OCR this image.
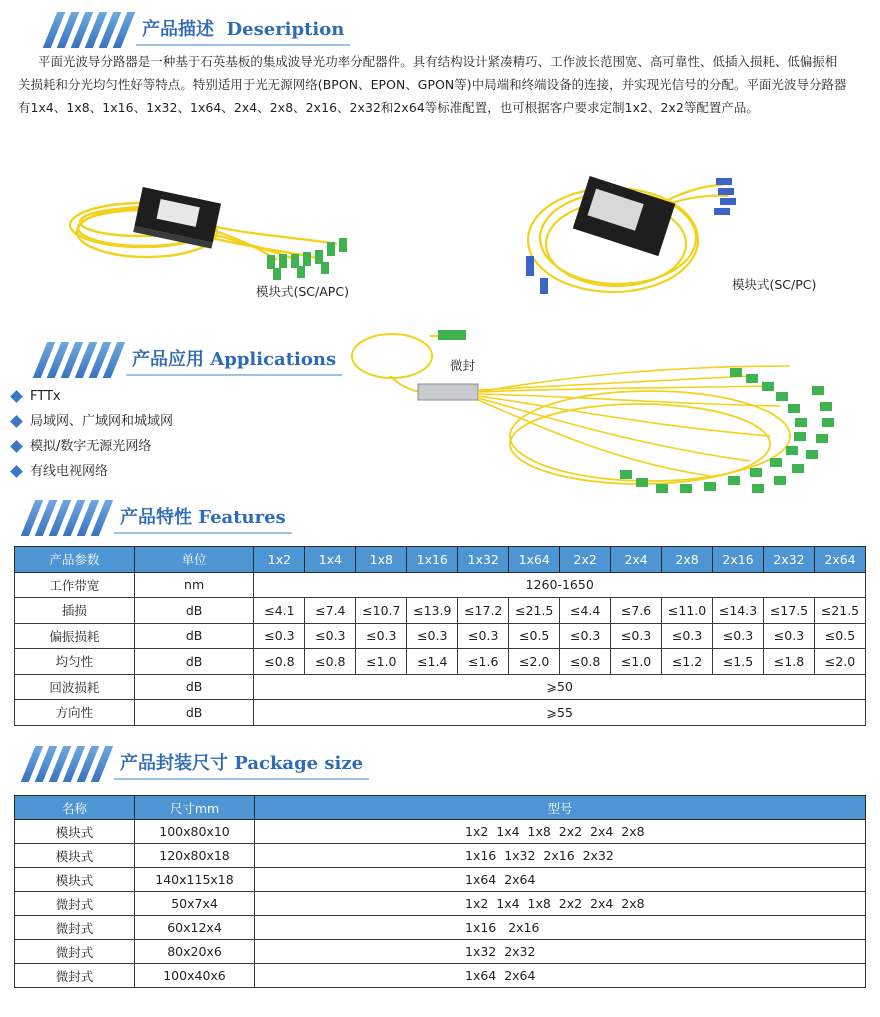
产品描述 Deseription

平面光波导分路器是一种基于石英基板的集成波导光功率分配器件。具有结构设计紧凑精巧、工作波长范围宽、高可靠性、低插入损耗、低偏振相关损耗和分光均匀性好等特点。特别适用于光无源网络(BPON、EPON、GPON等)中局端和终端设备的连接，并实现光信号的分配。平面光波导分路器有1x4、1x8、1x16、1x32、1x64、2x4、2x8、2x16、2x32和2x64等标准配置，也可根据客户要求定制1x2、2x2等配置产品。

模块式(SC/APC)	模块式(SC/PC)
产品应用 Applications
FTTx
局域网、广域网和城域网
模拟/数字无源光网络
有线电视网络
微封
产品特性 Features
产品参数	单位	1x2	1x4	1x8	1x16	1x32	1x64	2x2	2x4	2x8	2x16	2x32	2x64
工作带宽	nm	1260-1650											
插损	dB	≤4.1	≤7.4	≤10.7	≤13.9	≤17.2	≤21.5	≤4.4	≤7.6	≤11.0	≤14.3	≤17.5	≤21.5
偏振损耗	dB	≤0.3	≤0.3	≤0.3	≤0.3	≤0.3	≤0.5	≤0.3	≤0.3	≤0.3	≤0.3	≤0.3	≤0.5
均匀性	dB	≤0.8	≤0.8	≤1.0	≤1.4	≤1.6	≤2.0	≤0.8	≤1.0	≤1.2	≤1.5	≤1.8	≤2.0
回波损耗	dB	⩾50											
方向性	dB	⩾55											
产品封装尺寸 Package size
名称	尺寸mm	型号
模块式	100x80x10	1x2  1x4  1x8  2x2  2x4  2x8
模块式	120x80x18	1x16  1x32  2x16  2x32
模块式	140x115x18	1x64  2x64
微封式	50x7x4	1x2  1x4  1x8  2x2  2x4  2x8
微封式	60x12x4	1x16   2x16
微封式	80x20x6	1x32  2x32
微封式	100x40x6	1x64  2x64
